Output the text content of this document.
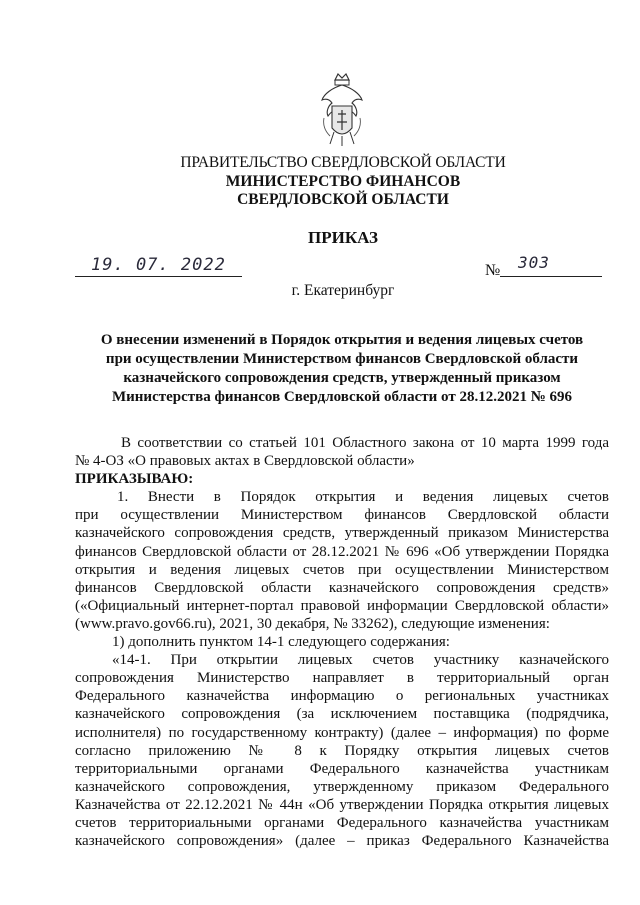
ПРАВИТЕЛЬСТВО СВЕРДЛОВСКОЙ ОБЛАСТИ
МИНИСТЕРСТВО ФИНАНСОВ
СВЕРДЛОВСКОЙ ОБЛАСТИ
ПРИКАЗ
19. 07. 2022	№ 303
г. Екатеринбург
О внесении изменений в Порядок открытия и ведения лицевых счетов
при осуществлении Министерством финансов Свердловской области
казначейского сопровождения средств, утвержденный приказом
Министерства финансов Свердловской области от 28.12.2021 № 696
В соответствии со статьей 101 Областного закона от 10 марта 1999 года
№ 4-ОЗ «О правовых актах в Свердловской области»
ПРИКАЗЫВАЮ:
1. Внести в Порядок открытия и ведения лицевых счетов
при осуществлении Министерством финансов Свердловской области
казначейского сопровождения средств, утвержденный приказом Министерства
финансов Свердловской области от 28.12.2021 № 696 «Об утверждении Порядка
открытия и ведения лицевых счетов при осуществлении Министерством
финансов Свердловской области казначейского сопровождения средств»
(«Официальный интернет-портал правовой информации Свердловской области»
(www.pravo.gov66.ru), 2021, 30 декабря, № 33262), следующие изменения:
1) дополнить пунктом 14-1 следующего содержания:
«14-1. При открытии лицевых счетов участнику казначейского
сопровождения Министерство направляет в территориальный орган
Федерального казначейства информацию о региональных участниках
казначейского сопровождения (за исключением поставщика (подрядчика,
исполнителя) по государственному контракту) (далее – информация) по форме
согласно приложению № 8 к Порядку открытия лицевых счетов
территориальными органами Федерального казначейства участникам
казначейского сопровождения, утвержденному приказом Федерального
Казначейства от 22.12.2021 № 44н «Об утверждении Порядка открытия лицевых
счетов территориальными органами Федерального казначейства участникам
казначейского сопровождения» (далее – приказ Федерального Казначейства
